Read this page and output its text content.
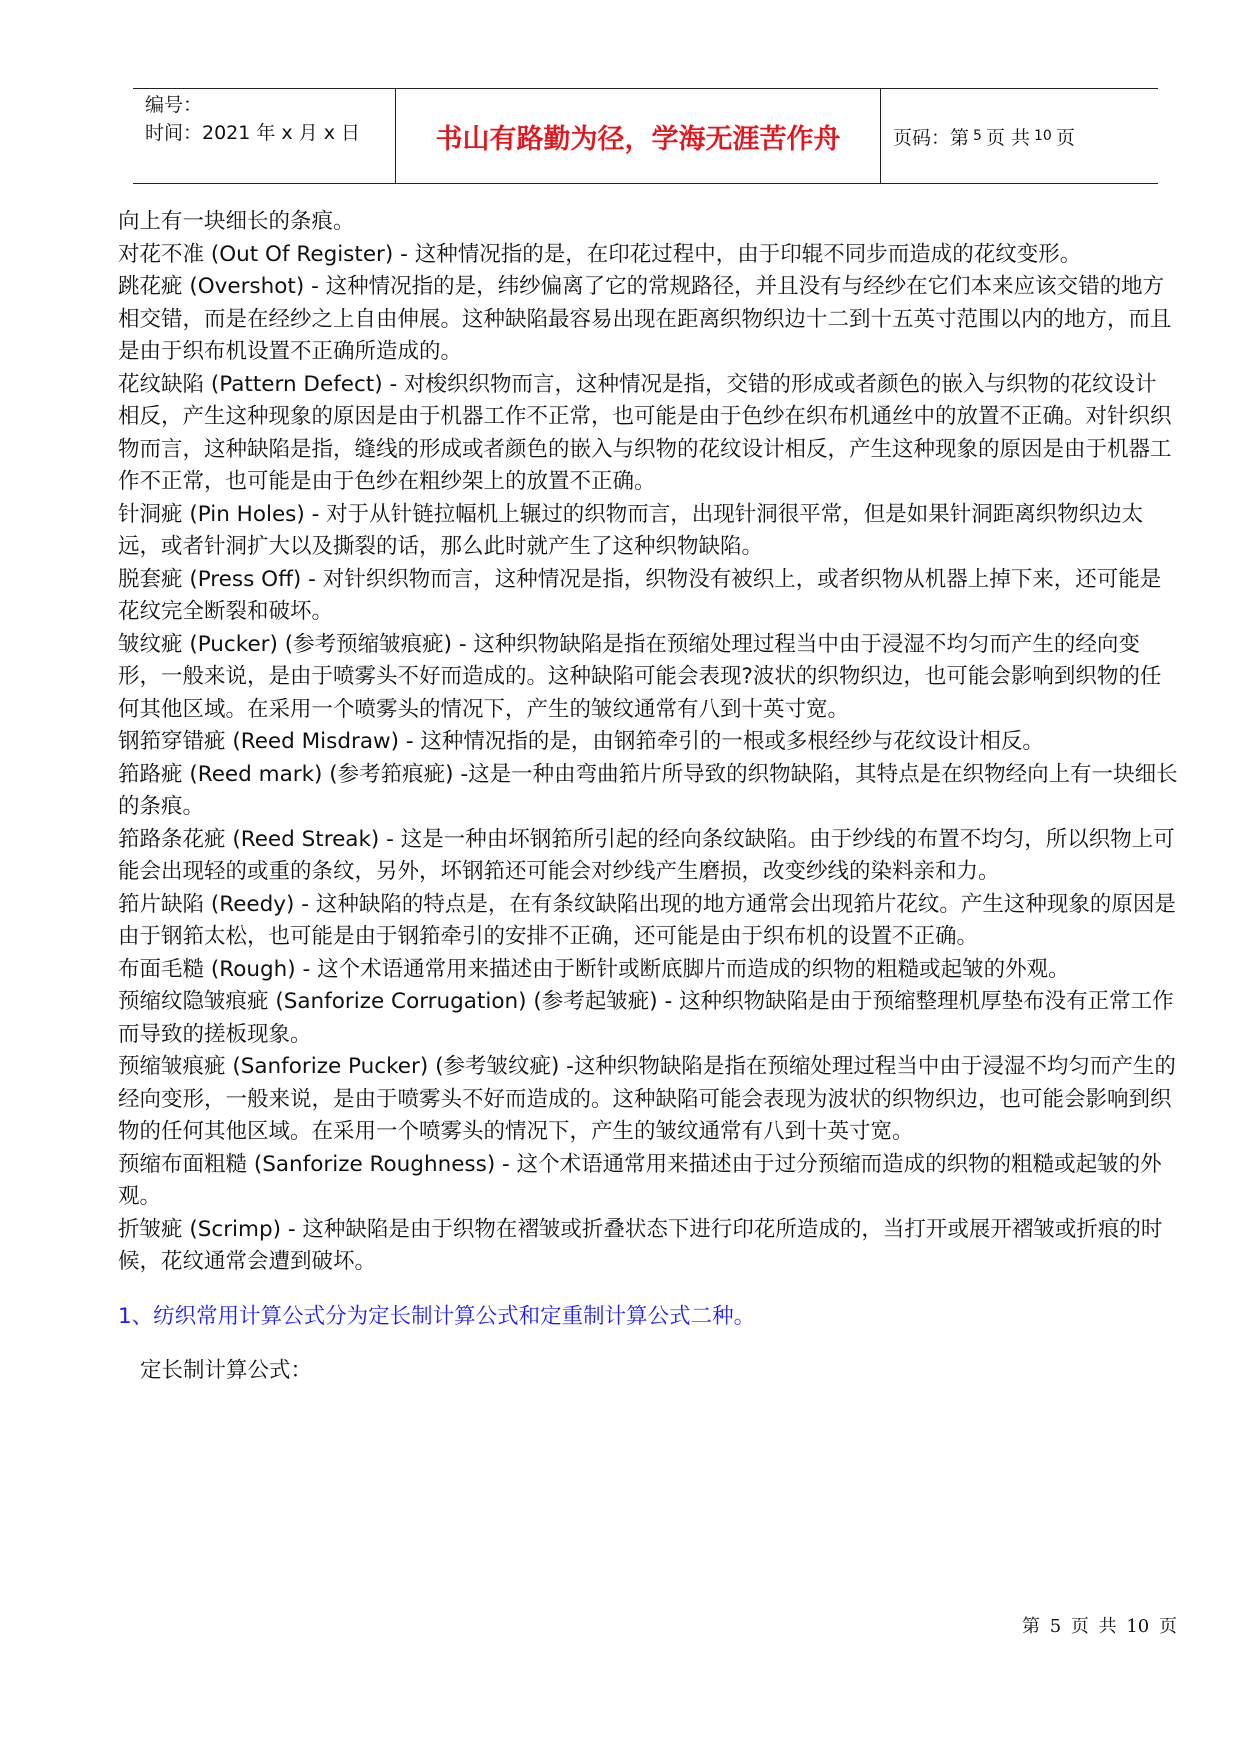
编号：
时间：2021 年 x 月 x 日	书山有路勤为径，学海无涯苦作舟	页码：第 5 页 共 10 页

向上有一块细长的条痕。

对花不准 (Out Of Register) - 这种情况指的是，在印花过程中，由于印辊不同步而造成的花纹变形。

跳花疵 (Overshot) - 这种情况指的是，纬纱偏离了它的常规路径，并且没有与经纱在它们本来应该交错的地方相交错，而是在经纱之上自由伸展。这种缺陷最容易出现在距离织物织边十二到十五英寸范围以内的地方，而且是由于织布机设置不正确所造成的。

花纹缺陷 (Pattern Defect) - 对梭织织物而言，这种情况是指，交错的形成或者颜色的嵌入与织物的花纹设计相反，产生这种现象的原因是由于机器工作不正常，也可能是由于色纱在织布机通丝中的放置不正确。对针织织物而言，这种缺陷是指，缝线的形成或者颜色的嵌入与织物的花纹设计相反，产生这种现象的原因是由于机器工作不正常，也可能是由于色纱在粗纱架上的放置不正确。

针洞疵 (Pin Holes) - 对于从针链拉幅机上辗过的织物而言，出现针洞很平常，但是如果针洞距离织物织边太远，或者针洞扩大以及撕裂的话，那么此时就产生了这种织物缺陷。

脱套疵 (Press Off) - 对针织织物而言，这种情况是指，织物没有被织上，或者织物从机器上掉下来，还可能是花纹完全断裂和破坏。

皱纹疵 (Pucker) (参考预缩皱痕疵) - 这种织物缺陷是指在预缩处理过程当中由于浸湿不均匀而产生的经向变形，一般来说，是由于喷雾头不好而造成的。这种缺陷可能会表现?波状的织物织边，也可能会影响到织物的任何其他区域。在采用一个喷雾头的情况下，产生的皱纹通常有八到十英寸宽。

钢筘穿错疵 (Reed Misdraw) - 这种情况指的是，由钢筘牵引的一根或多根经纱与花纹设计相反。

筘路疵 (Reed mark) (参考筘痕疵) -这是一种由弯曲筘片所导致的织物缺陷，其特点是在织物经向上有一块细长的条痕。

筘路条花疵 (Reed Streak) - 这是一种由坏钢筘所引起的经向条纹缺陷。由于纱线的布置不均匀，所以织物上可能会出现轻的或重的条纹，另外，坏钢筘还可能会对纱线产生磨损，改变纱线的染料亲和力。

筘片缺陷 (Reedy) - 这种缺陷的特点是，在有条纹缺陷出现的地方通常会出现筘片花纹。产生这种现象的原因是由于钢筘太松，也可能是由于钢筘牵引的安排不正确，还可能是由于织布机的设置不正确。

布面毛糙 (Rough) - 这个术语通常用来描述由于断针或断底脚片而造成的织物的粗糙或起皱的外观。

预缩纹隐皱痕疵 (Sanforize Corrugation) (参考起皱疵) - 这种织物缺陷是由于预缩整理机厚垫布没有正常工作而导致的搓板现象。

预缩皱痕疵 (Sanforize Pucker) (参考皱纹疵) -这种织物缺陷是指在预缩处理过程当中由于浸湿不均匀而产生的经向变形，一般来说，是由于喷雾头不好而造成的。这种缺陷可能会表现为波状的织物织边，也可能会影响到织物的任何其他区域。在采用一个喷雾头的情况下，产生的皱纹通常有八到十英寸宽。

预缩布面粗糙 (Sanforize Roughness) - 这个术语通常用来描述由于过分预缩而造成的织物的粗糙或起皱的外观。

折皱疵 (Scrimp) - 这种缺陷是由于织物在褶皱或折叠状态下进行印花所造成的，当打开或展开褶皱或折痕的时候，花纹通常会遭到破坏。

1、纺织常用计算公式分为定长制计算公式和定重制计算公式二种。

定长制计算公式：

第 5 页 共 10 页
